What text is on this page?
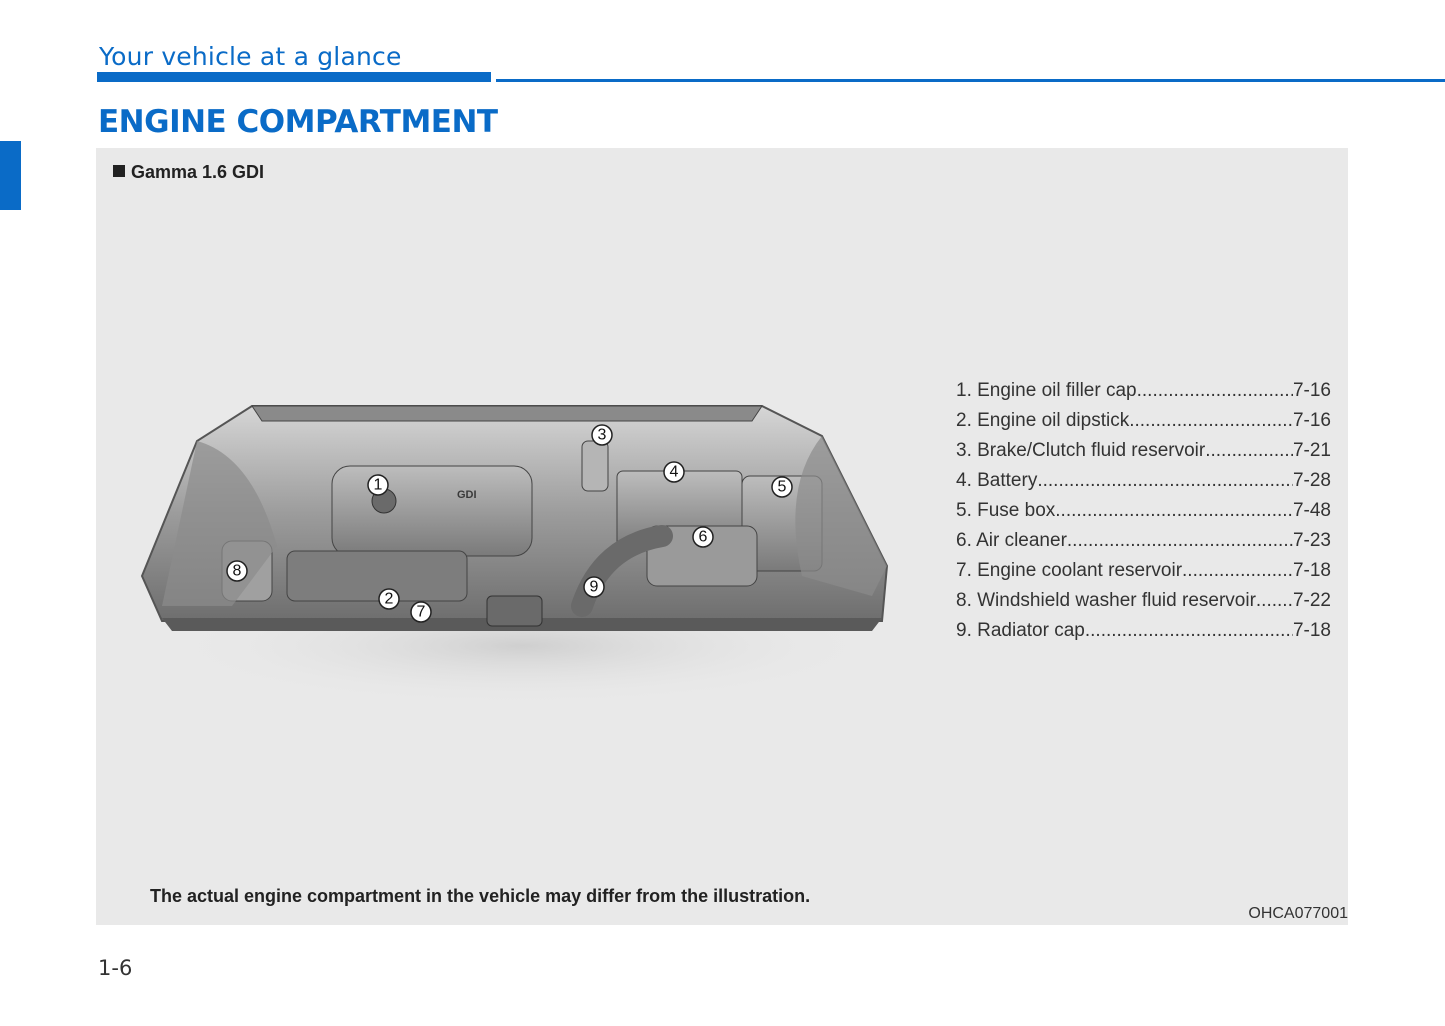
Your vehicle at a glance
ENGINE COMPARTMENT
Gamma 1.6 GDI
GDI
1
2
3
4
5
6
7
8
9
1. Engine oil filler cap .....	7-16
2. Engine oil dipstick .....	7-16
3. Brake/Clutch fluid reservoir .....	7-21
4. Battery .....	7-28
5. Fuse box .....	7-48
6. Air cleaner .....	7-23
7. Engine coolant reservoir .....	7-18
8. Windshield washer fluid reservoir ..... 7-22
9. Radiator cap .....	7-18
The actual engine compartment in the vehicle may differ from the illustration.
OHCA077001
1-6
